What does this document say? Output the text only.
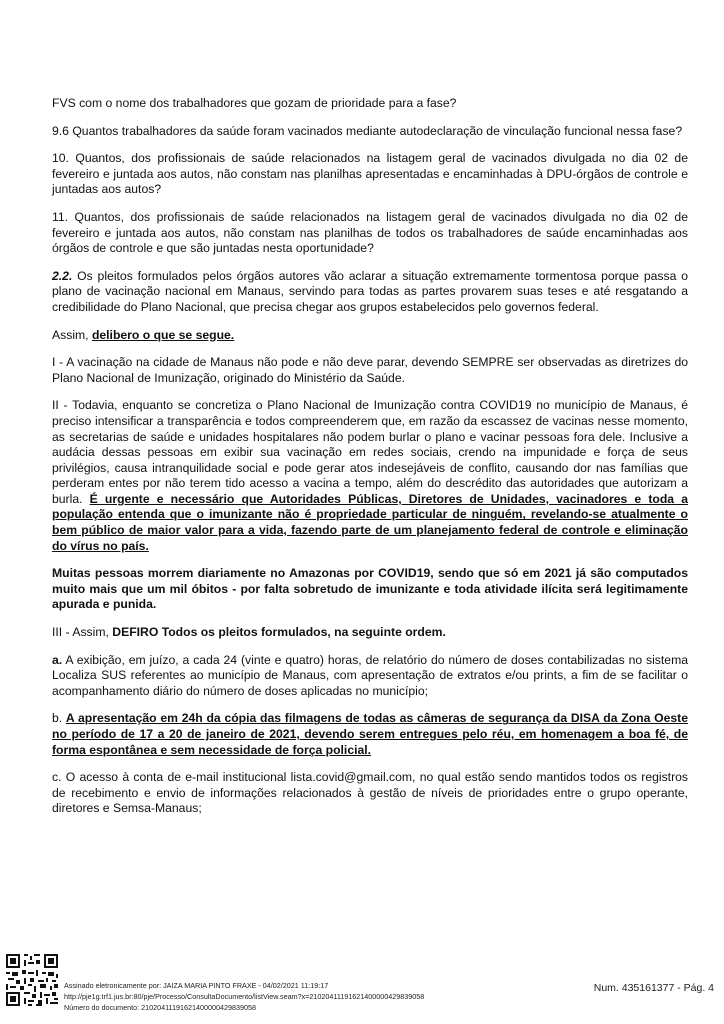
FVS com o nome dos trabalhadores que gozam de prioridade para a fase?

9.6 Quantos trabalhadores da saúde foram vacinados mediante autodeclaração de vinculação funcional nessa fase?

10. Quantos, dos profissionais de saúde relacionados na listagem geral de vacinados divulgada no dia 02 de fevereiro e juntada aos autos, não constam nas planilhas apresentadas e encaminhadas à DPU-órgãos de controle e juntadas aos autos?

11. Quantos, dos profissionais de saúde relacionados na listagem geral de vacinados divulgada no dia 02 de fevereiro e juntada aos autos, não constam nas planilhas de todos os trabalhadores de saúde encaminhadas aos órgãos de controle e que são juntadas nesta oportunidade?

2.2. Os pleitos formulados pelos órgãos autores vão aclarar a situação extremamente tormentosa porque passa o plano de vacinação nacional em Manaus, servindo para todas as partes provarem suas teses e até resgatando a credibilidade do Plano Nacional, que precisa chegar aos grupos estabelecidos pelo governos federal.

Assim, delibero o que se segue.

I - A vacinação na cidade de Manaus não pode e não deve parar, devendo SEMPRE ser observadas as diretrizes do Plano Nacional de Imunização, originado do Ministério da Saúde.

II - Todavia, enquanto se concretiza o Plano Nacional de Imunização contra COVID19 no município de Manaus, é preciso intensificar a transparência e todos compreenderem que, em razão da escassez de vacinas nesse momento, as secretarias de saúde e unidades hospitalares não podem burlar o plano e vacinar pessoas fora dele. Inclusive a audácia dessas pessoas em exibir sua vacinação em redes sociais, crendo na impunidade e força de seus privilégios, causa intranquilidade social e pode gerar atos indesejáveis de conflito, causando dor nas famílias que perderam entes por não terem tido acesso a vacina a tempo, além do descrédito das autoridades que autorizam a burla. É urgente e necessário que Autoridades Públicas, Diretores de Unidades, vacinadores e toda a população entenda que o imunizante não é propriedade particular de ninguém, revelando-se atualmente o bem público de maior valor para a vida, fazendo parte de um planejamento federal de controle e eliminação do vírus no país.

Muitas pessoas morrem diariamente no Amazonas por COVID19, sendo que só em 2021 já são computados muito mais que um mil óbitos - por falta sobretudo de imunizante e toda atividade ilícita será legitimamente apurada e punida.

III - Assim, DEFIRO Todos os pleitos formulados, na seguinte ordem.

a. A exibição, em juízo, a cada 24 (vinte e quatro) horas, de relatório do número de doses contabilizadas no sistema Localiza SUS referentes ao município de Manaus, com apresentação de extratos e/ou prints, a fim de se facilitar o acompanhamento diário do número de doses aplicadas no município;

b. A apresentação em 24h da cópia das filmagens de todas as câmeras de segurança da DISA da Zona Oeste no período de 17 a 20 de janeiro de 2021, devendo serem entregues pelo réu, em homenagem a boa fé, de forma espontânea e sem necessidade de força policial.

c. O acesso à conta de e-mail institucional lista.covid@gmail.com, no qual estão sendo mantidos todos os registros de recebimento e envio de informações relacionados à gestão de níveis de prioridades entre o grupo operante, diretores e Semsa-Manaus;

Assinado eletronicamente por: JAIZA MARIA PINTO FRAXE - 04/02/2021 11:19:17
http://pje1g.trf1.jus.br:80/pje/Processo/ConsultaDocumento/listView.seam?x=21020411191621400000429839058
Número do documento: 21020411191621400000429839058
Num. 435161377 - Pág. 4
